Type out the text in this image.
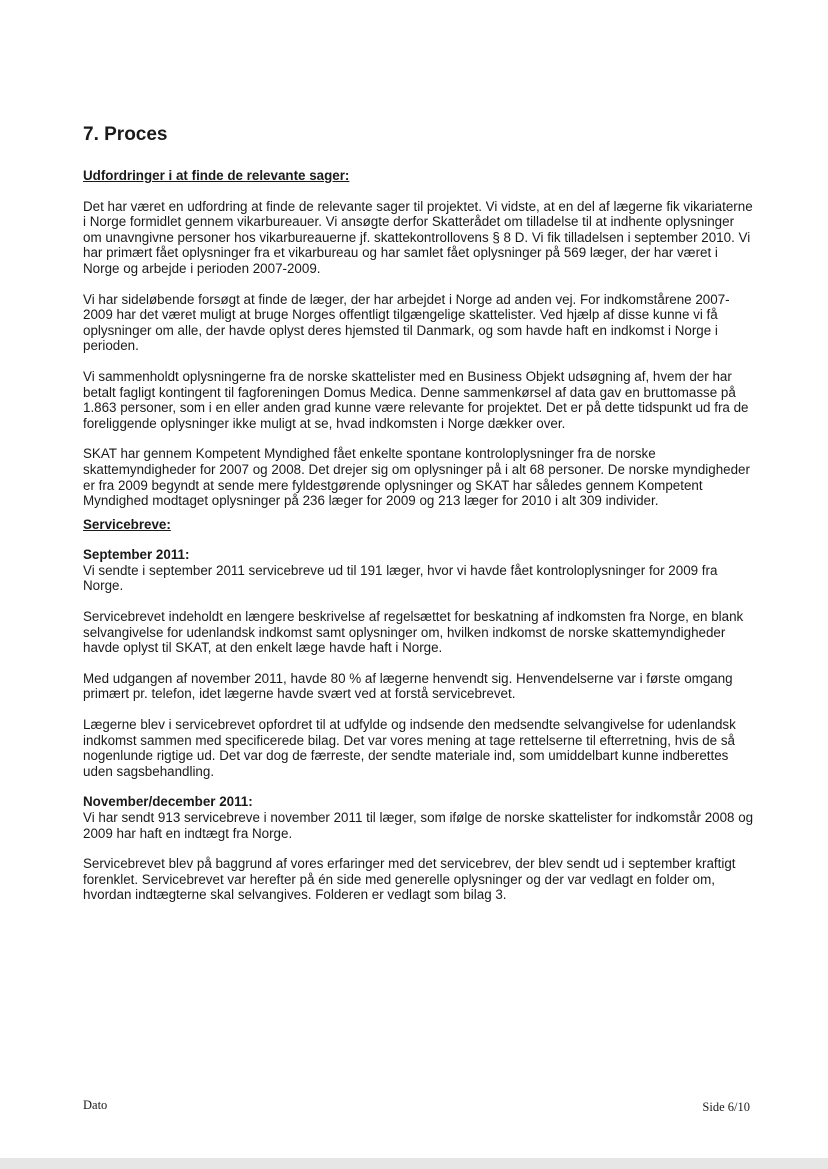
7. Proces

Udfordringer i at finde de relevante sager:

Det har været en udfordring at finde de relevante sager til projektet. Vi vidste, at en del af lægerne fik vikariaterne i Norge formidlet gennem vikarbureauer. Vi ansøgte derfor Skatterådet om tilladelse til at indhente oplysninger om unavngivne personer hos vikarbureauerne jf. skattekontrollovens § 8 D. Vi fik tilladelsen i september 2010. Vi har primært fået oplysninger fra et vikarbureau og har samlet fået oplysninger på 569 læger, der har været i Norge og arbejde i perioden 2007-2009.

Vi har sideløbende forsøgt at finde de læger, der har arbejdet i Norge ad anden vej. For indkomstårene 2007-2009 har det været muligt at bruge Norges offentligt tilgængelige skattelister. Ved hjælp af disse kunne vi få oplysninger om alle, der havde oplyst deres hjemsted til Danmark, og som havde haft en indkomst i Norge i perioden.

Vi sammenholdt oplysningerne fra de norske skattelister med en Business Objekt udsøgning af, hvem der har betalt fagligt kontingent til fagforeningen Domus Medica. Denne sammenkørsel af data gav en bruttomasse på 1.863 personer, som i en eller anden grad kunne være relevante for projektet. Det er på dette tidspunkt ud fra de foreliggende oplysninger ikke muligt at se, hvad indkomsten i Norge dækker over.

SKAT har gennem Kompetent Myndighed fået enkelte spontane kontroloplysninger fra de norske skattemyndigheder for 2007 og 2008. Det drejer sig om oplysninger på i alt 68 personer. De norske myndigheder er fra 2009 begyndt at sende mere fyldestgørende oplysninger og SKAT har således gennem Kompetent Myndighed modtaget oplysninger på 236 læger for 2009 og 213 læger for 2010 i alt 309 individer.

Servicebreve:

September 2011:
Vi sendte i september 2011 servicebreve ud til 191 læger, hvor vi havde fået kontroloplysninger for 2009 fra Norge.

Servicebrevet indeholdt en længere beskrivelse af regelsættet for beskatning af indkomsten fra Norge, en blank selvangivelse for udenlandsk indkomst samt oplysninger om, hvilken indkomst de norske skattemyndigheder havde oplyst til SKAT, at den enkelt læge havde haft i Norge.

Med udgangen af november 2011, havde 80 % af lægerne henvendt sig. Henvendelserne var i første omgang primært pr. telefon, idet lægerne havde svært ved at forstå servicebrevet.

Lægerne blev i servicebrevet opfordret til at udfylde og indsende den medsendte selvangivelse for udenlandsk indkomst sammen med specificerede bilag. Det var vores mening at tage rettelserne til efterretning, hvis de så nogenlunde rigtige ud. Det var dog de færreste, der sendte materiale ind, som umiddelbart kunne indberettes uden sagsbehandling.

November/december 2011:
Vi har sendt 913 servicebreve i november 2011 til læger, som ifølge de norske skattelister for indkomstår 2008 og 2009 har haft en indtægt fra Norge.

Servicebrevet blev på baggrund af vores erfaringer med det servicebrev, der blev sendt ud i september kraftigt forenklet. Servicebrevet var herefter på én side med generelle oplysninger og der var vedlagt en folder om, hvordan indtægterne skal selvangives. Folderen er vedlagt som bilag 3.

Dato	Side 6/10
